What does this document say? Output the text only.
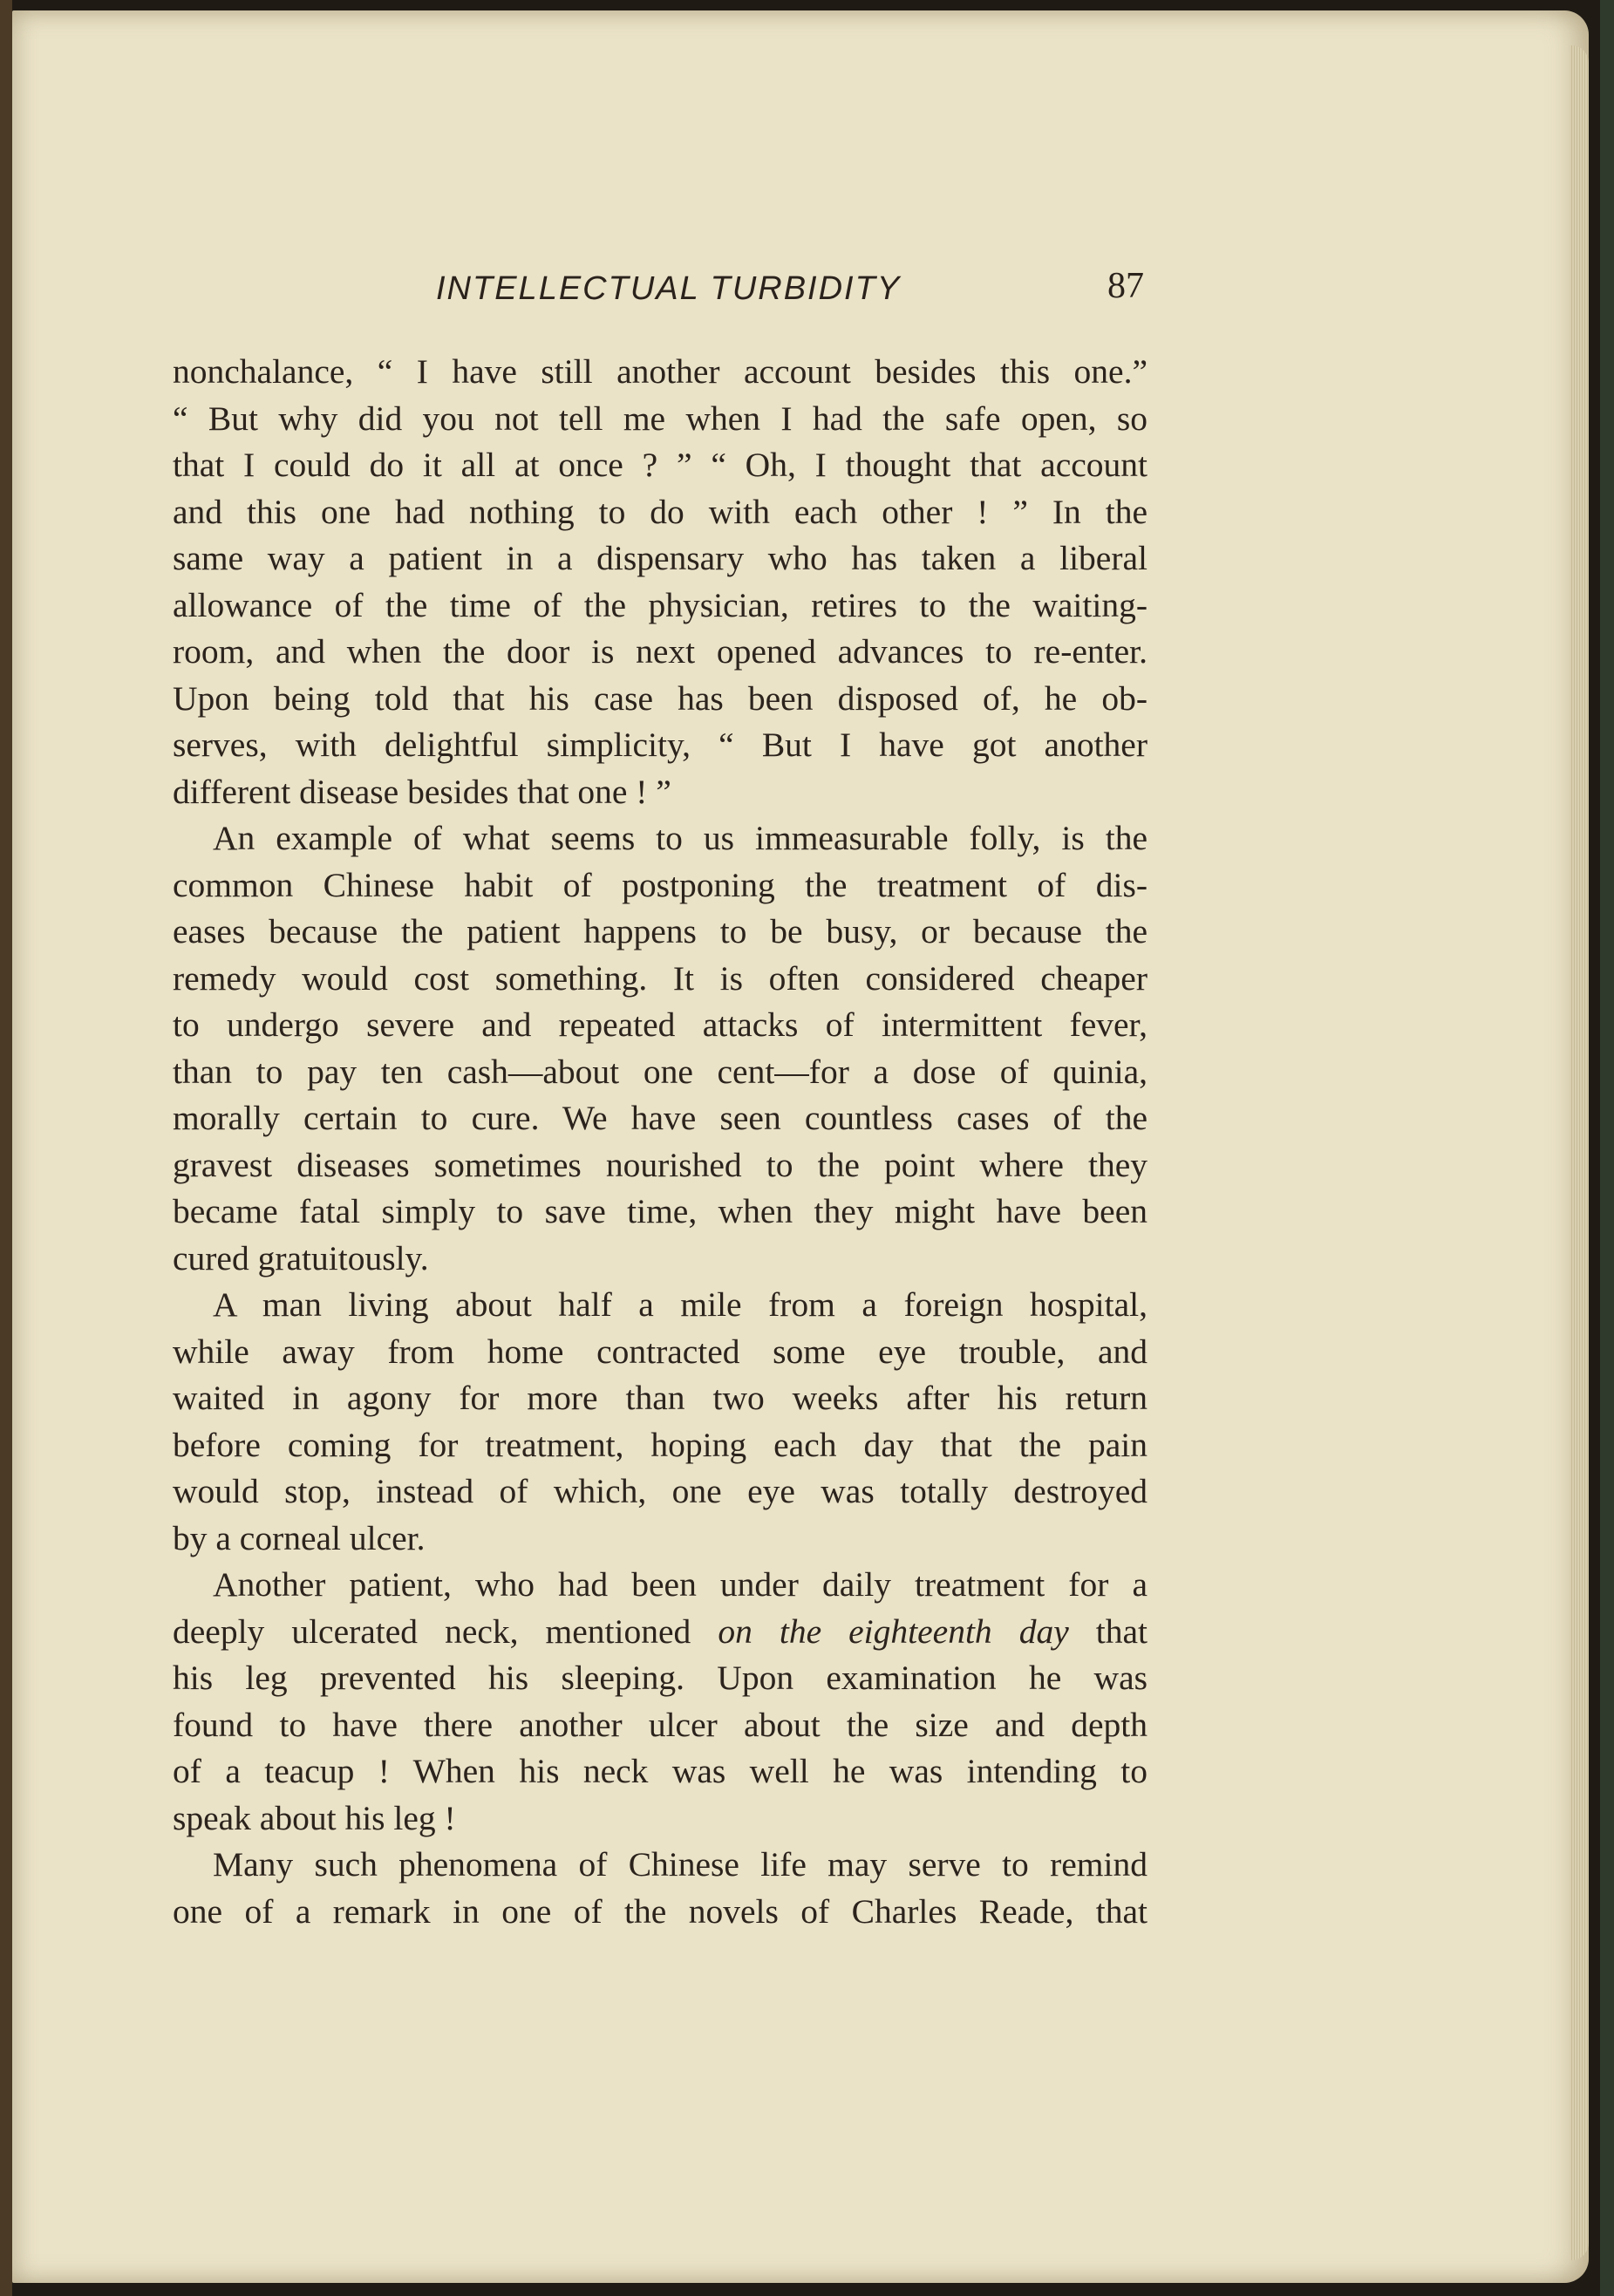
INTELLECTUAL TURBIDITY	87
nonchalance, “ I have still another account besides this one.”
“ But why did you not tell me when I had the safe open, so
that I could do it all at once ? ” “ Oh, I thought that account
and this one had nothing to do with each other ! ” In the
same way a patient in a dispensary who has taken a liberal
allowance of the time of the physician, retires to the waiting-
room, and when the door is next opened advances to re-enter.
Upon being told that his case has been disposed of, he ob-
serves, with delightful simplicity, “ But I have got another
different disease besides that one ! ”
An example of what seems to us immeasurable folly, is the
common Chinese habit of postponing the treatment of dis-
eases because the patient happens to be busy, or because the
remedy would cost something. It is often considered cheaper
to undergo severe and repeated attacks of intermittent fever,
than to pay ten cash—about one cent—for a dose of quinia,
morally certain to cure. We have seen countless cases of the
gravest diseases sometimes nourished to the point where they
became fatal simply to save time, when they might have been
cured gratuitously.
A man living about half a mile from a foreign hospital,
while away from home contracted some eye trouble, and
waited in agony for more than two weeks after his return
before coming for treatment, hoping each day that the pain
would stop, instead of which, one eye was totally destroyed
by a corneal ulcer.
Another patient, who had been under daily treatment for a
deeply ulcerated neck, mentioned on the eighteenth day that
his leg prevented his sleeping. Upon examination he was
found to have there another ulcer about the size and depth
of a teacup ! When his neck was well he was intending to
speak about his leg !
Many such phenomena of Chinese life may serve to remind
one of a remark in one of the novels of Charles Reade, that
